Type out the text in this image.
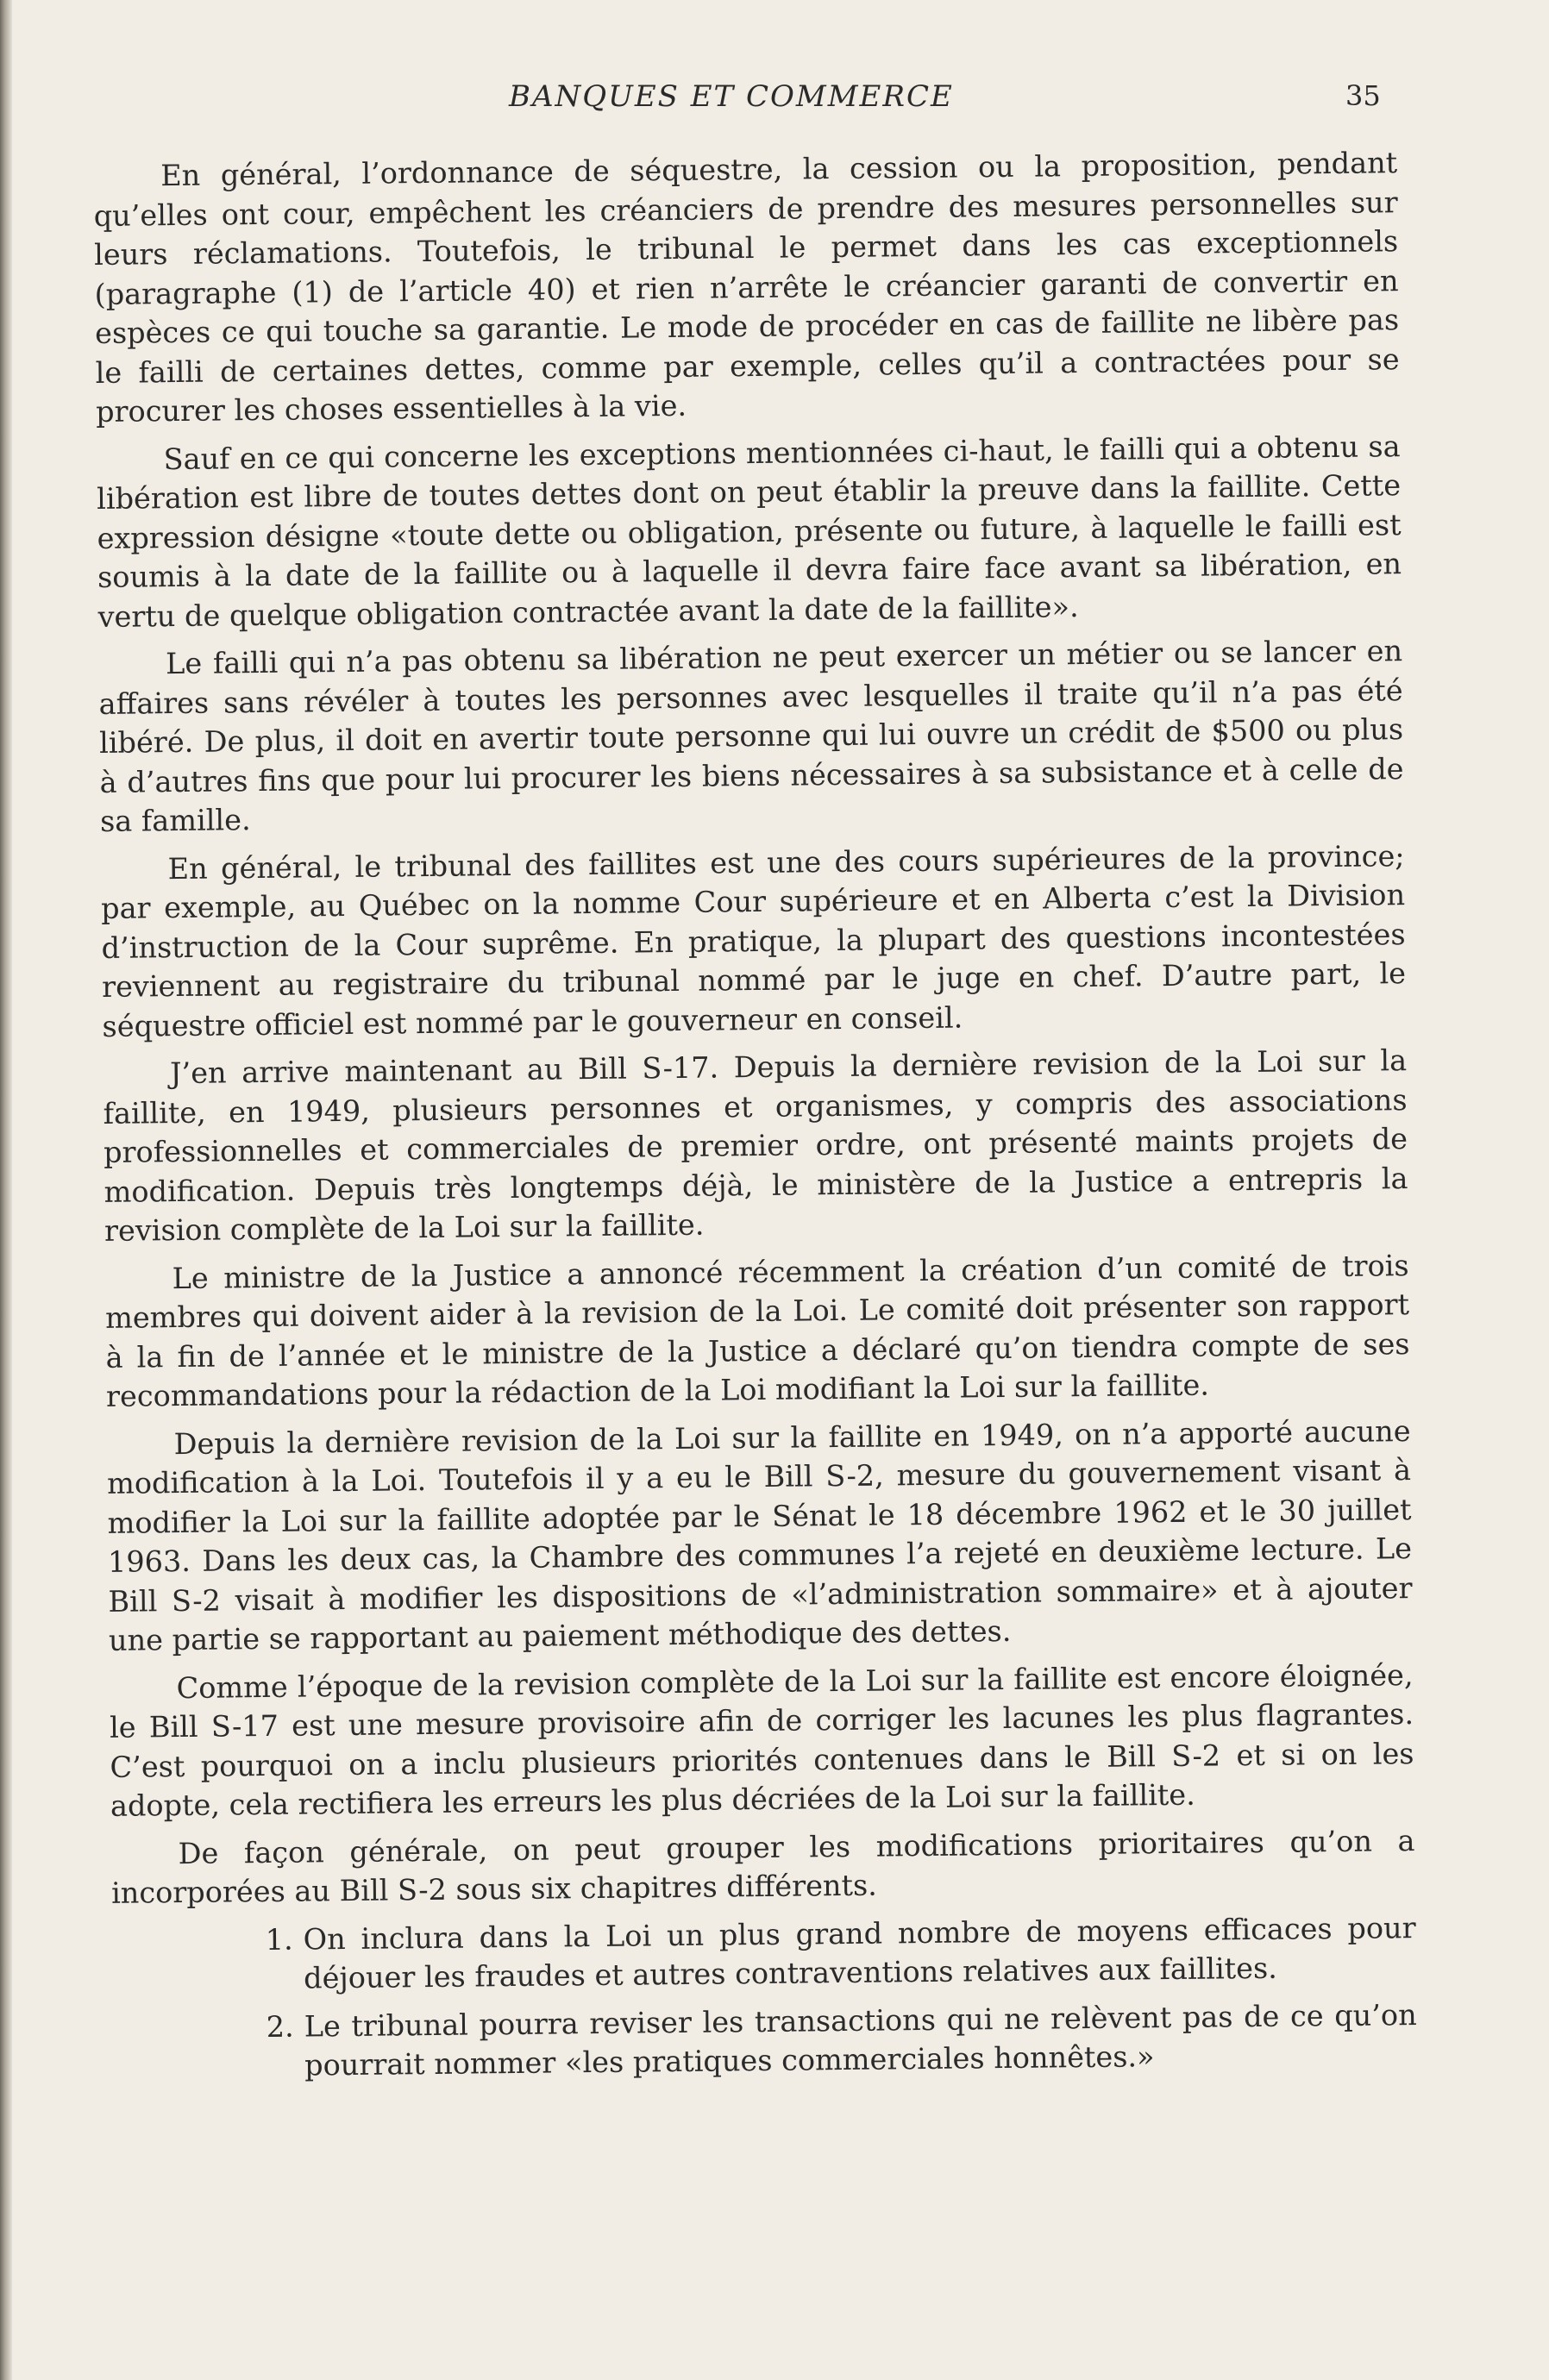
BANQUES ET COMMERCE	35

En général, l’ordonnance de séquestre, la cession ou la proposition, pendant qu’elles ont cour, empêchent les créanciers de prendre des mesures personnelles sur leurs réclamations. Toutefois, le tribunal le permet dans les cas exceptionnels (paragraphe (1) de l’article 40) et rien n’arrête le créancier garanti de convertir en espèces ce qui touche sa garantie. Le mode de procéder en cas de faillite ne libère pas le failli de certaines dettes, comme par exemple, celles qu’il a contractées pour se procurer les choses essentielles à la vie.

Sauf en ce qui concerne les exceptions mentionnées ci-haut, le failli qui a obtenu sa libération est libre de toutes dettes dont on peut établir la preuve dans la faillite. Cette expression désigne «toute dette ou obligation, présente ou future, à laquelle le failli est soumis à la date de la faillite ou à laquelle il devra faire face avant sa libération, en vertu de quelque obligation contractée avant la date de la faillite».

Le failli qui n’a pas obtenu sa libération ne peut exercer un métier ou se lancer en affaires sans révéler à toutes les personnes avec lesquelles il traite qu’il n’a pas été libéré. De plus, il doit en avertir toute personne qui lui ouvre un crédit de $500 ou plus à d’autres fins que pour lui procurer les biens nécessaires à sa subsistance et à celle de sa famille.

En général, le tribunal des faillites est une des cours supérieures de la province; par exemple, au Québec on la nomme Cour supérieure et en Alberta c’est la Division d’instruction de la Cour suprême. En pratique, la plupart des questions incontestées reviennent au registraire du tribunal nommé par le juge en chef. D’autre part, le séquestre officiel est nommé par le gouverneur en conseil.

J’en arrive maintenant au Bill S-17. Depuis la dernière revision de la Loi sur la faillite, en 1949, plusieurs personnes et organismes, y compris des associations professionnelles et commerciales de premier ordre, ont présenté maints projets de modification. Depuis très longtemps déjà, le ministère de la Justice a entrepris la revision complète de la Loi sur la faillite.

Le ministre de la Justice a annoncé récemment la création d’un comité de trois membres qui doivent aider à la revision de la Loi. Le comité doit présenter son rapport à la fin de l’année et le ministre de la Justice a déclaré qu’on tiendra compte de ses recommandations pour la rédaction de la Loi modifiant la Loi sur la faillite.

Depuis la dernière revision de la Loi sur la faillite en 1949, on n’a apporté aucune modification à la Loi. Toutefois il y a eu le Bill S-2, mesure du gouvernement visant à modifier la Loi sur la faillite adoptée par le Sénat le 18 décembre 1962 et le 30 juillet 1963. Dans les deux cas, la Chambre des communes l’a rejeté en deuxième lecture. Le Bill S-2 visait à modifier les dispositions de «l’administration sommaire» et à ajouter une partie se rapportant au paiement méthodique des dettes.

Comme l’époque de la revision complète de la Loi sur la faillite est encore éloignée, le Bill S-17 est une mesure provisoire afin de corriger les lacunes les plus flagrantes. C’est pourquoi on a inclu plusieurs priorités contenues dans le Bill S-2 et si on les adopte, cela rectifiera les erreurs les plus décriées de la Loi sur la faillite.

De façon générale, on peut grouper les modifications prioritaires qu’on a incorporées au Bill S-2 sous six chapitres différents.

1. On inclura dans la Loi un plus grand nombre de moyens efficaces pour déjouer les fraudes et autres contraventions relatives aux faillites.
2. Le tribunal pourra reviser les transactions qui ne relèvent pas de ce qu’on pourrait nommer «les pratiques commerciales honnêtes.»
